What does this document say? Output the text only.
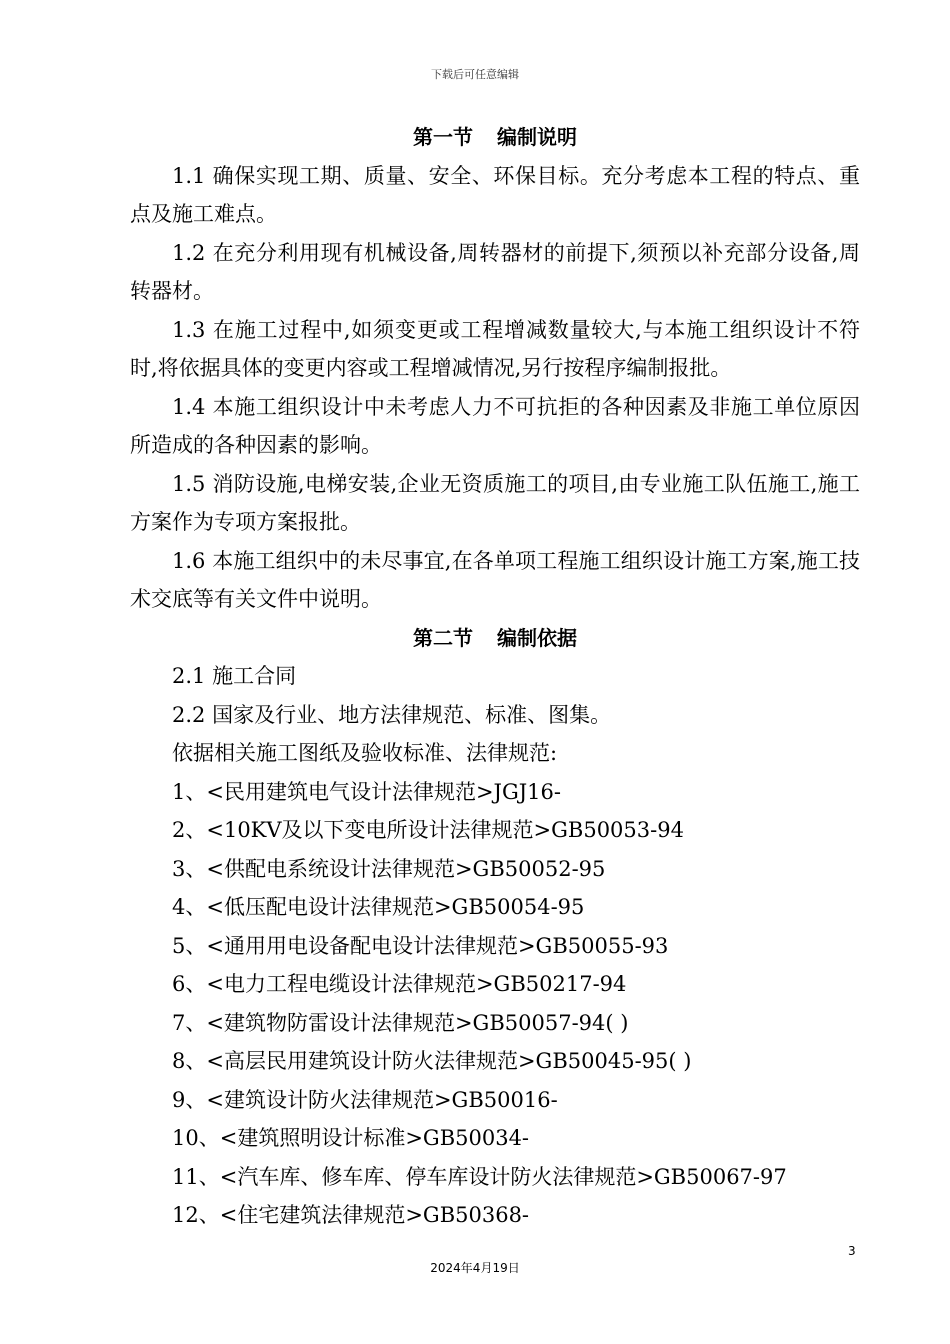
下载后可任意编辑
第一节 编制说明

1.1 确保实现工期、质量、安全、环保目标。充分考虑本工程的特点、重点及施工难点。

1.2 在充分利用现有机械设备,周转器材的前提下,须预以补充部分设备,周转器材。

1.3 在施工过程中,如须变更或工程增减数量较大,与本施工组织设计不符时,将依据具体的变更内容或工程增减情况,另行按程序编制报批。

1.4 本施工组织设计中未考虑人力不可抗拒的各种因素及非施工单位原因所造成的各种因素的影响。

1.5 消防设施,电梯安装,企业无资质施工的项目,由专业施工队伍施工,施工方案作为专项方案报批。

1.6 本施工组织中的未尽事宜,在各单项工程施工组织设计施工方案,施工技术交底等有关文件中说明。

第二节 编制依据

2.1 施工合同

2.2 国家及行业、地方法律规范、标准、图集。

依据相关施工图纸及验收标准、法律规范:

1、<民用建筑电气设计法律规范>JGJ16-

2、<10KV及以下变电所设计法律规范>GB50053-94

3、<供配电系统设计法律规范>GB50052-95

4、<低压配电设计法律规范>GB50054-95

5、<通用用电设备配电设计法律规范>GB50055-93

6、<电力工程电缆设计法律规范>GB50217-94

7、<建筑物防雷设计法律规范>GB50057-94( )

8、<高层民用建筑设计防火法律规范>GB50045-95( )

9、<建筑设计防火法律规范>GB50016-

10、<建筑照明设计标准>GB50034-

11、<汽车库、修车库、停车库设计防火法律规范>GB50067-97

12、<住宅建筑法律规范>GB50368-

3
2024年4月19日
